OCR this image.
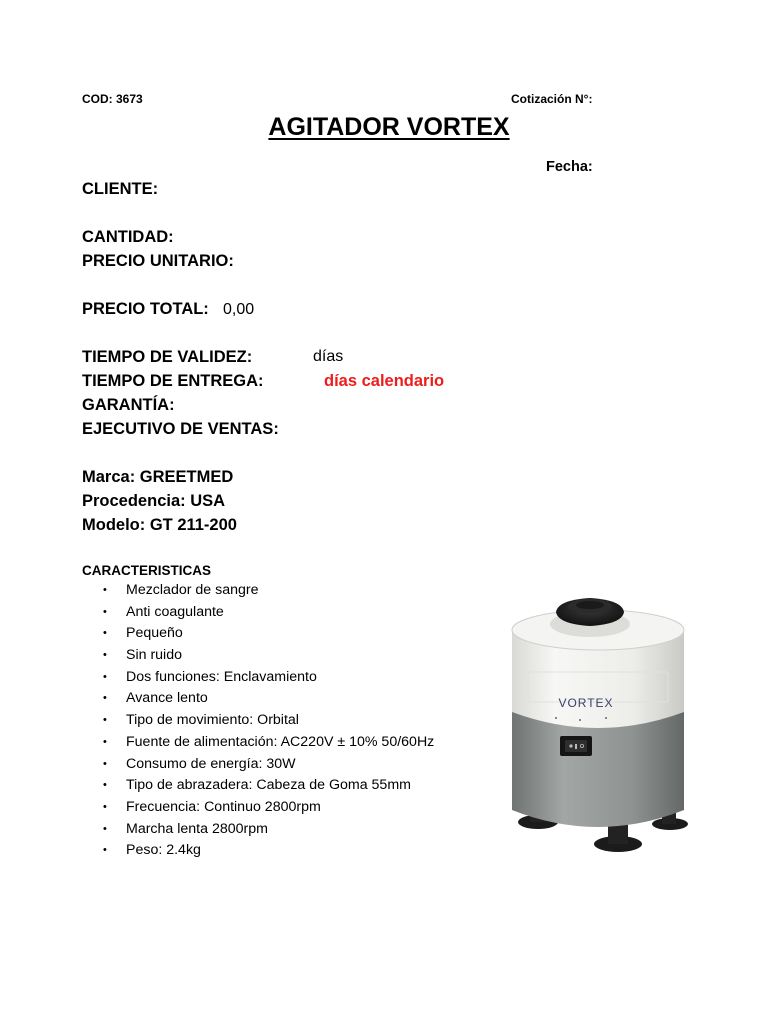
COD: 3673	Cotización N°:
AGITADOR VORTEX
Fecha:
CLIENTE:
CANTIDAD:
PRECIO UNITARIO:
PRECIO TOTAL: 0,00
TIEMPO DE VALIDEZ:	días
TIEMPO DE ENTREGA:	días calendario
GARANTÍA:
EJECUTIVO DE VENTAS:
Marca: GREETMED
Procedencia: USA
Modelo: GT 211-200
CARACTERISTICAS
• Mezclador de sangre
• Anti coagulante
• Pequeño
• Sin ruido
• Dos funciones: Enclavamiento
• Avance lento
• Tipo de movimiento: Orbital
• Fuente de alimentación: AC220V ± 10% 50/60Hz
• Consumo de energía: 30W
• Tipo de abrazadera: Cabeza de Goma 55mm
• Frecuencia: Continuo 2800rpm
• Marcha lenta 2800rpm
• Peso: 2.4kg
VORTEX
